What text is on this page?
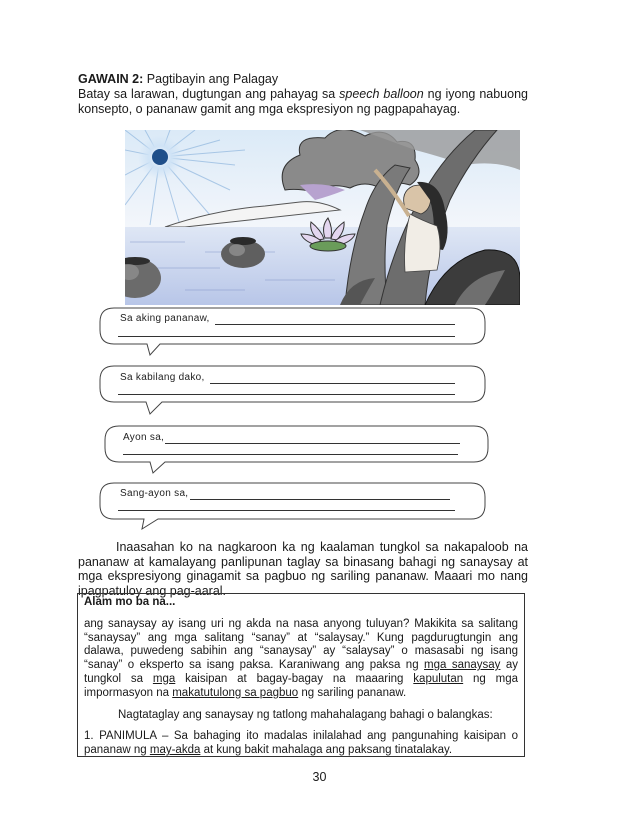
GAWAIN 2: Pagtibayin ang Palagay

Batay sa larawan, dugtungan ang pahayag sa speech balloon ng iyong nabuong konsepto, o pananaw gamit ang mga ekspresiyon ng pagpapahayag.

Sa aking pananaw,
Sa kabilang dako,
Ayon sa,
Sang-ayon sa,

Inaasahan ko na nagkaroon ka ng kaalaman tungkol sa nakapaloob na pananaw at kamalayang panlipunan taglay sa binasang bahagi ng sanaysay at mga ekspresiyong ginagamit sa pagbuo ng sariling pananaw. Maaari mo nang ipagpatuloy ang pag-aaral.

Alam mo ba na...

ang sanaysay ay isang uri ng akda na nasa anyong tuluyan? Makikita sa salitang “sanaysay” ang mga salitang “sanay” at “salaysay.” Kung pagdurugtungin ang dalawa, puwedeng sabihin ang “sanaysay” ay “salaysay” o masasabi ng isang “sanay” o eksperto sa isang paksa. Karaniwang ang paksa ng mga sanaysay ay tungkol sa mga kaisipan at bagay-bagay na maaaring kapulutan ng mga impormasyon na makatutulong sa pagbuo ng sariling pananaw.

Nagtataglay ang sanaysay ng tatlong mahahalagang bahagi o balangkas:

1. PANIMULA – Sa bahaging ito madalas inilalahad ang pangunahing kaisipan o pananaw ng may-akda at kung bakit mahalaga ang paksang tinatalakay.

30
